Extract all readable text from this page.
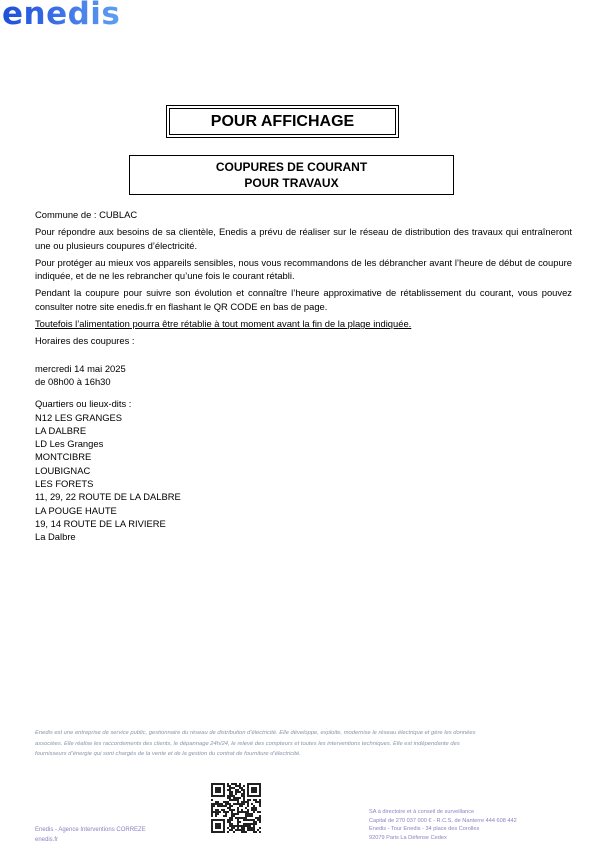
enedis
POUR AFFICHAGE
COUPURES DE COURANT
POUR TRAVAUX

Commune de : CUBLAC

Pour répondre aux besoins de sa clientèle, Enedis a prévu de réaliser sur le réseau de distribution des travaux qui entraîneront une ou plusieurs coupures d’électricité.

Pour protéger au mieux vos appareils sensibles, nous vous recommandons de les débrancher avant l’heure de début de coupure indiquée, et de ne les rebrancher qu’une fois le courant rétabli.

Pendant la coupure pour suivre son évolution et connaître l’heure approximative de rétablissement du courant, vous pouvez consulter notre site enedis.fr en flashant le QR CODE en bas de page.

Toutefois l’alimentation pourra être rétablie à tout moment avant la fin de la plage indiquée.

Horaires des coupures :

mercredi 14 mai 2025
de 08h00 à 16h30
Quartiers ou lieux-dits :
N12 LES GRANGES
LA DALBRE
LD Les Granges
MONTCIBRE
LOUBIGNAC
LES FORETS
11, 29, 22 ROUTE DE LA DALBRE
LA POUGE HAUTE
19, 14 ROUTE DE LA RIVIERE
La Dalbre
Enedis est une entreprise de service public, gestionnaire du réseau de distribution d’électricité. Elle développe, exploite, modernise le réseau électrique et gère les données
associées. Elle réalise les raccordements des clients, le dépannage 24h/24, le relevé des compteurs et toutes les interventions techniques. Elle est indépendante des
fournisseurs d’énergie qui sont chargés de la vente et de la gestion du contrat de fourniture d’électricité.
Enedis - Agence Interventions CORREZE
enedis.fr
SA à directoire et à conseil de surveillance
Capital de 270 037 000 € - R.C.S. de Nanterre 444 608 442
Enedis - Tour Enedis - 34 place des Corolles
92079 Paris La Défense Cedex
